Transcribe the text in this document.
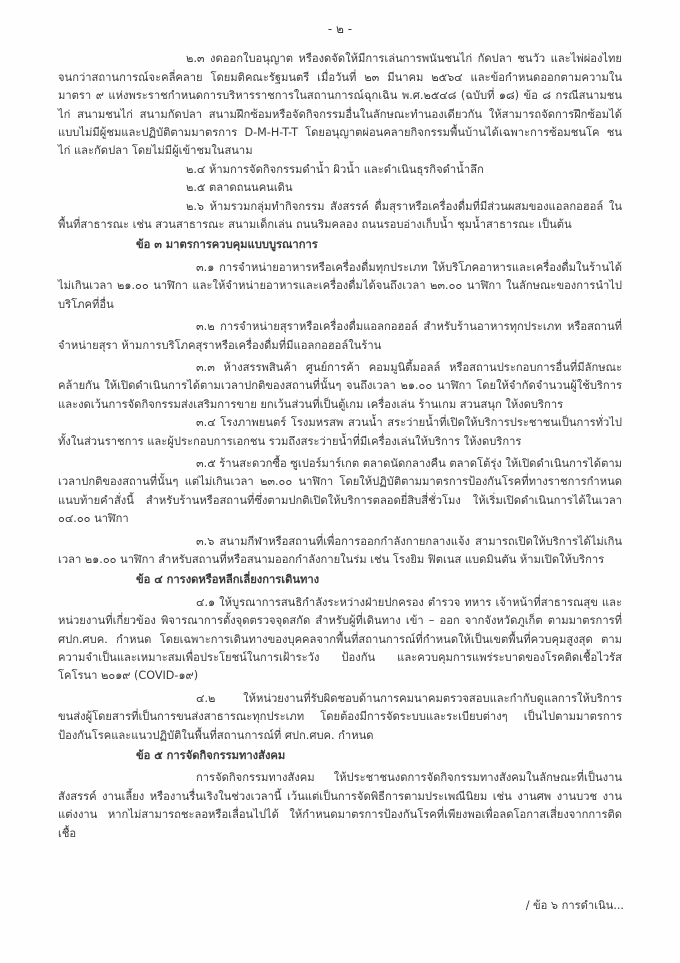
- ๒ -

๒.๓ งดออกใบอนุญาต หรืองดจัดให้มีการเล่นการพนันชนไก่ กัดปลา ชนวัว และไพ่ผ่องไทย จนกว่าสถานการณ์จะคลี่คลาย โดยมติคณะรัฐมนตรี เมื่อวันที่ ๒๓ มีนาคม ๒๕๖๔ และข้อกำหนดออกตามความในมาตรา ๙ แห่งพระราชกำหนดการบริหารราชการในสถานการณ์ฉุกเฉิน พ.ศ.๒๕๔๘ (ฉบับที่ ๑๘) ข้อ ๘ กรณีสนามชนไก่ สนามชนไก่ สนามกัดปลา สนามฝึกซ้อมหรือจัดกิจกรรมอื่นในลักษณะทำนองเดียวกัน ให้สามารถจัดการฝึกซ้อมได้แบบไม่มีผู้ชมและปฏิบัติตามมาตรการ D-M-H-T-T โดยอนุญาตผ่อนคลายกิจกรรมพื้นบ้านได้เฉพาะการซ้อมชนโค ชนไก่ และกัดปลา โดยไม่มีผู้เข้าชมในสนาม

๒.๔ ห้ามการจัดกิจกรรมดำน้ำ ผิวน้ำ และดำเนินธุรกิจดำน้ำลึก

๒.๕ ตลาดถนนคนเดิน

๒.๖ ห้ามรวมกลุ่มทำกิจกรรม สังสรรค์ ดื่มสุราหรือเครื่องดื่มที่มีส่วนผสมของแอลกอฮอล์ ในพื้นที่สาธารณะ เช่น สวนสาธารณะ สนามเด็กเล่น ถนนริมคลอง ถนนรอบอ่างเก็บน้ำ ชุมน้ำสาธารณะ เป็นต้น

ข้อ ๓ มาตรการควบคุมแบบบูรณาการ

๓.๑ การจำหน่ายอาหารหรือเครื่องดื่มทุกประเภท ให้บริโภคอาหารและเครื่องดื่มในร้านได้ไม่เกินเวลา ๒๑.๐๐ นาฬิกา และให้จำหน่ายอาหารและเครื่องดื่มได้จนถึงเวลา ๒๓.๐๐ นาฬิกา ในลักษณะของการนำไปบริโภคที่อื่น

๓.๒ การจำหน่ายสุราหรือเครื่องดื่มแอลกอฮอล์ สำหรับร้านอาหารทุกประเภท หรือสถานที่จำหน่ายสุรา ห้ามการบริโภคสุราหรือเครื่องดื่มที่มีแอลกอฮอล์ในร้าน

๓.๓ ห้างสรรพสินค้า ศูนย์การค้า คอมมูนิตี้มอลล์ หรือสถานประกอบการอื่นที่มีลักษณะคล้ายกัน ให้เปิดดำเนินการได้ตามเวลาปกติของสถานที่นั้นๆ จนถึงเวลา ๒๑.๐๐ นาฬิกา โดยให้จำกัดจำนวนผู้ใช้บริการ และงดเว้นการจัดกิจกรรมส่งเสริมการขาย ยกเว้นส่วนที่เป็นตู้เกม เครื่องเล่น ร้านเกม สวนสนุก ให้งดบริการ

๓.๔ โรงภาพยนตร์ โรงมหรสพ สวนน้ำ สระว่ายน้ำที่เปิดให้บริการประชาชนเป็นการทั่วไป ทั้งในส่วนราชการ และผู้ประกอบการเอกชน รวมถึงสระว่ายน้ำที่มีเครื่องเล่นให้บริการ ให้งดบริการ

๓.๕ ร้านสะดวกซื้อ ซูเปอร์มาร์เกต ตลาดนัดกลางคืน ตลาดโต้รุ่ง ให้เปิดดำเนินการได้ตามเวลาปกติของสถานที่นั้นๆ แต่ไม่เกินเวลา ๒๓.๐๐ นาฬิกา โดยให้ปฏิบัติตามมาตรการป้องกันโรคที่ทางราชการกำหนดแนบท้ายคำสั่งนี้ สำหรับร้านหรือสถานที่ซึ่งตามปกติเปิดให้บริการตลอดยี่สิบสี่ชั่วโมง ให้เริ่มเปิดดำเนินการได้ในเวลา ๐๔.๐๐ นาฬิกา

๓.๖ สนามกีฬาหรือสถานที่เพื่อการออกกำลังกายกลางแจ้ง สามารถเปิดให้บริการได้ไม่เกินเวลา ๒๑.๐๐ นาฬิกา สำหรับสถานที่หรือสนามออกกำลังกายในร่ม เช่น โรงยิม ฟิตเนส แบดมินตัน ห้ามเปิดให้บริการ

ข้อ ๔ การงดหรือหลีกเลี่ยงการเดินทาง

๔.๑ ให้บูรณาการสนธิกำลังระหว่างฝ่ายปกครอง ตำรวจ ทหาร เจ้าหน้าที่สาธารณสุข และหน่วยงานที่เกี่ยวข้อง พิจารณาการตั้งจุดตรวจจุดสกัด สำหรับผู้ที่เดินทาง เข้า – ออก จากจังหวัดภูเก็ต ตามมาตรการที่ ศปก.ศบค. กำหนด โดยเฉพาะการเดินทางของบุคคลจากพื้นที่สถานการณ์ที่กำหนดให้เป็นเขตพื้นที่ควบคุมสูงสุด ตามความจำเป็นและเหมาะสมเพื่อประโยชน์ในการเฝ้าระวัง ป้องกัน และควบคุมการแพร่ระบาดของโรคติดเชื้อไวรัสโคโรนา ๒๐๑๙ (COVID-๑๙)

๔.๒ ให้หน่วยงานที่รับผิดชอบด้านการคมนาคมตรวจสอบและกำกับดูแลการให้บริการขนส่งผู้โดยสารที่เป็นการขนส่งสาธารณะทุกประเภท โดยต้องมีการจัดระบบและระเบียบต่างๆ เป็นไปตามมาตรการป้องกันโรคและแนวปฏิบัติในพื้นที่สถานการณ์ที่ ศปก.ศบค. กำหนด

ข้อ ๕ การจัดกิจกรรมทางสังคม

การจัดกิจกรรมทางสังคม ให้ประชาชนงดการจัดกิจกรรมทางสังคมในลักษณะที่เป็นงานสังสรรค์ งานเลี้ยง หรืองานรื่นเริงในช่วงเวลานี้ เว้นแต่เป็นการจัดพิธีการตามประเพณีนิยม เช่น งานศพ งานบวช งานแต่งงาน หากไม่สามารถชะลอหรือเลื่อนไปได้ ให้กำหนดมาตรการป้องกันโรคที่เพียงพอเพื่อลดโอกาสเสี่ยงจากการติดเชื้อ

/ ข้อ ๖ การดำเนิน...
